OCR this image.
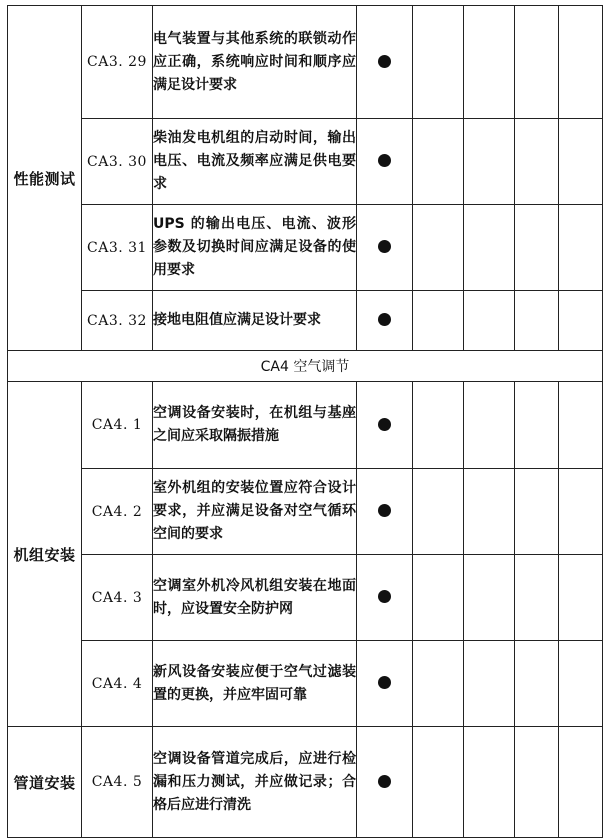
性能测试	CA3. 29	电气装置与其他系统的联锁动作应正确，系统响应时间和顺序应满足设计要求					
	CA3. 30	柴油发电机组的启动时间，输出电压、电流及频率应满足供电要求					
	CA3. 31	UPS 的输出电压、电流、波形参数及切换时间应满足设备的使用要求					
	CA3. 32	接地电阻值应满足设计要求					
CA4 空气调节							
机组安装	CA4. 1	空调设备安装时，在机组与基座之间应采取隔振措施					
	CA4. 2	室外机组的安装位置应符合设计要求，并应满足设备对空气循环空间的要求					
	CA4. 3	空调室外机冷风机组安装在地面时，应设置安全防护网					
	CA4. 4	新风设备安装应便于空气过滤装置的更换，并应牢固可靠					
管道安装	CA4. 5	空调设备管道完成后，应进行检漏和压力测试，并应做记录；合格后应进行清洗					
